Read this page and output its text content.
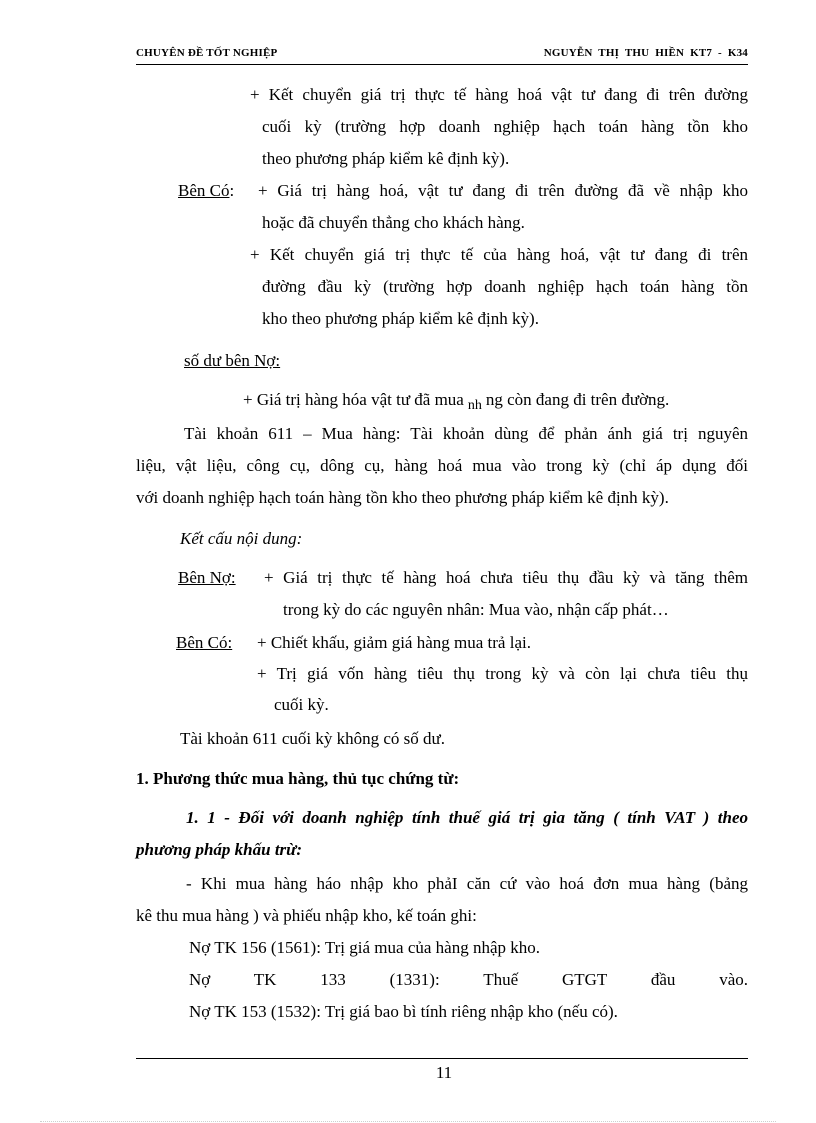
CHUYÊN ĐỀ TỐT NGHIỆP	NGUYỄN THỊ THU HIỀN KT7 - K34
+ Kết chuyển giá trị thực tế hàng hoá vật tư đang đi trên đường
cuối kỳ (trường hợp doanh nghiệp hạch toán hàng tồn kho
theo phương pháp kiểm kê định kỳ).
Bên Có: + Giá trị hàng hoá, vật tư đang đi trên đường đã về nhập kho
hoặc đã chuyển thẳng cho khách hàng.
+ Kết chuyển giá trị thực tế của hàng hoá, vật tư đang đi trên
đường đầu kỳ (trường hợp doanh nghiệp hạch toán hàng tồn
kho theo phương pháp kiểm kê định kỳ).
số dư bên Nợ:
+ Giá trị hàng hóa vật tư đã mua $_{nh}$ ng còn đang đi trên đường.
Tài khoản 611 – Mua hàng: Tài khoản dùng để phản ánh giá trị nguyên
liệu, vật liệu, công cụ, dông cụ, hàng hoá mua vào trong kỳ (chỉ áp dụng đối
với doanh nghiệp hạch toán hàng tồn kho theo phương pháp kiểm kê định kỳ).
Kết cấu nội dung:
Bên Nợ: + Giá trị thực tế hàng hoá chưa tiêu thụ đầu kỳ và tăng thêm
trong kỳ do các nguyên nhân: Mua vào, nhận cấp phát…
Bên Có: + Chiết khấu, giảm giá hàng mua trả lại.
+ Trị giá vốn hàng tiêu thụ trong kỳ và còn lại chưa tiêu thụ
cuối kỳ.
Tài khoản 611 cuối kỳ không có số dư.
1. Phương thức mua hàng, thủ tục chứng từ:
1. 1 - Đối với doanh nghiệp tính thuế giá trị gia tăng ( tính VAT ) theo
phương pháp khấu trừ:
- Khi mua hàng háo nhập kho phảI căn cứ vào hoá đơn mua hàng (bảng
kê thu mua hàng ) và phiếu nhập kho, kế toán ghi:
Nợ TK 156 (1561): Trị giá mua của hàng nhập kho.
Nợ TK 133 (1331): Thuế GTGT đầu vào.
Nợ TK 153 (1532): Trị giá bao bì tính riêng nhập kho (nếu có).
11
